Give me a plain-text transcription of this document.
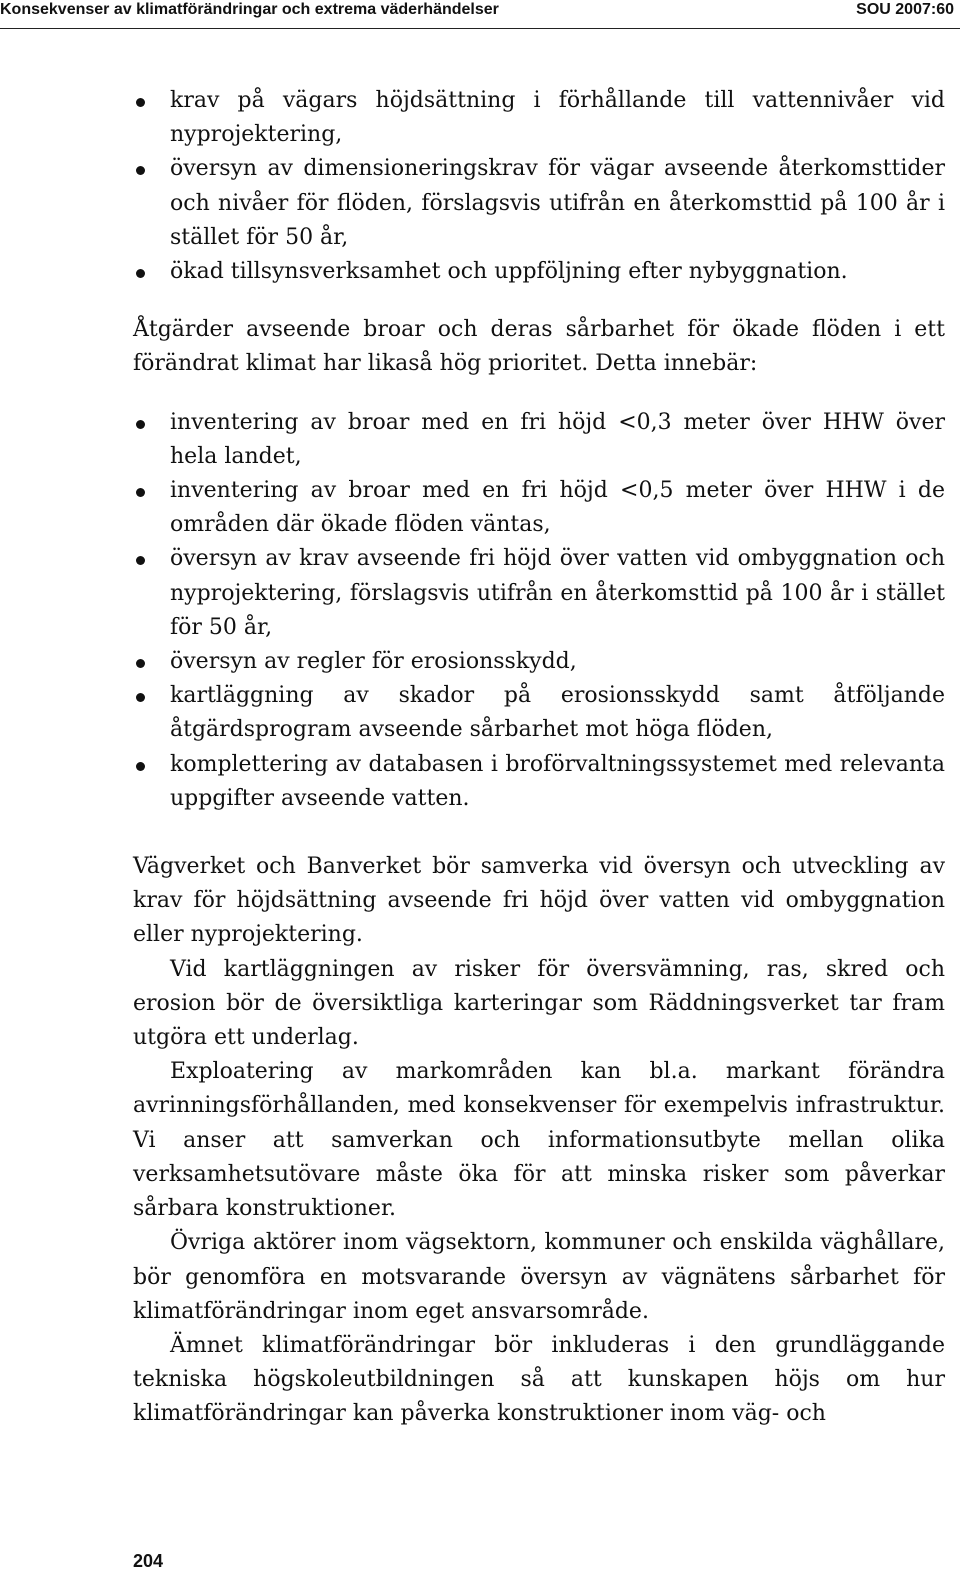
Konsekvenser av klimatförändringar och extrema väderhändelser	SOU 2007:60
krav på vägars höjdsättning i förhållande till vattennivåer vid nyprojektering,
översyn av dimensioneringskrav för vägar avseende återkomsttider och nivåer för flöden, förslagsvis utifrån en återkomsttid på 100 år i stället för 50 år,
ökad tillsynsverksamhet och uppföljning efter nybyggnation.

Åtgärder avseende broar och deras sårbarhet för ökade flöden i ett förändrat klimat har likaså hög prioritet. Detta innebär:

inventering av broar med en fri höjd <0,3 meter över HHW över hela landet,
inventering av broar med en fri höjd <0,5 meter över HHW i de områden där ökade flöden väntas,
översyn av krav avseende fri höjd över vatten vid ombyggnation och nyprojektering, förslagsvis utifrån en återkomsttid på 100 år i stället för 50 år,
översyn av regler för erosionsskydd,
kartläggning av skador på erosionsskydd samt åtföljande åtgärdsprogram avseende sårbarhet mot höga flöden,
komplettering av databasen i broförvaltningssystemet med relevanta uppgifter avseende vatten.

Vägverket och Banverket bör samverka vid översyn och utveckling av krav för höjdsättning avseende fri höjd över vatten vid ombyggnation eller nyprojektering.

Vid kartläggningen av risker för översvämning, ras, skred och erosion bör de översiktliga karteringar som Räddningsverket tar fram utgöra ett underlag.

Exploatering av markområden kan bl.a. markant förändra avrinningsförhållanden, med konsekvenser för exempelvis infrastruktur. Vi anser att samverkan och informationsutbyte mellan olika verksamhetsutövare måste öka för att minska risker som påverkar sårbara konstruktioner.

Övriga aktörer inom vägsektorn, kommuner och enskilda väghållare, bör genomföra en motsvarande översyn av vägnätens sårbarhet för klimatförändringar inom eget ansvarsområde.

Ämnet klimatförändringar bör inkluderas i den grundläggande tekniska högskoleutbildningen så att kunskapen höjs om hur klimatförändringar kan påverka konstruktioner inom väg- och

204
